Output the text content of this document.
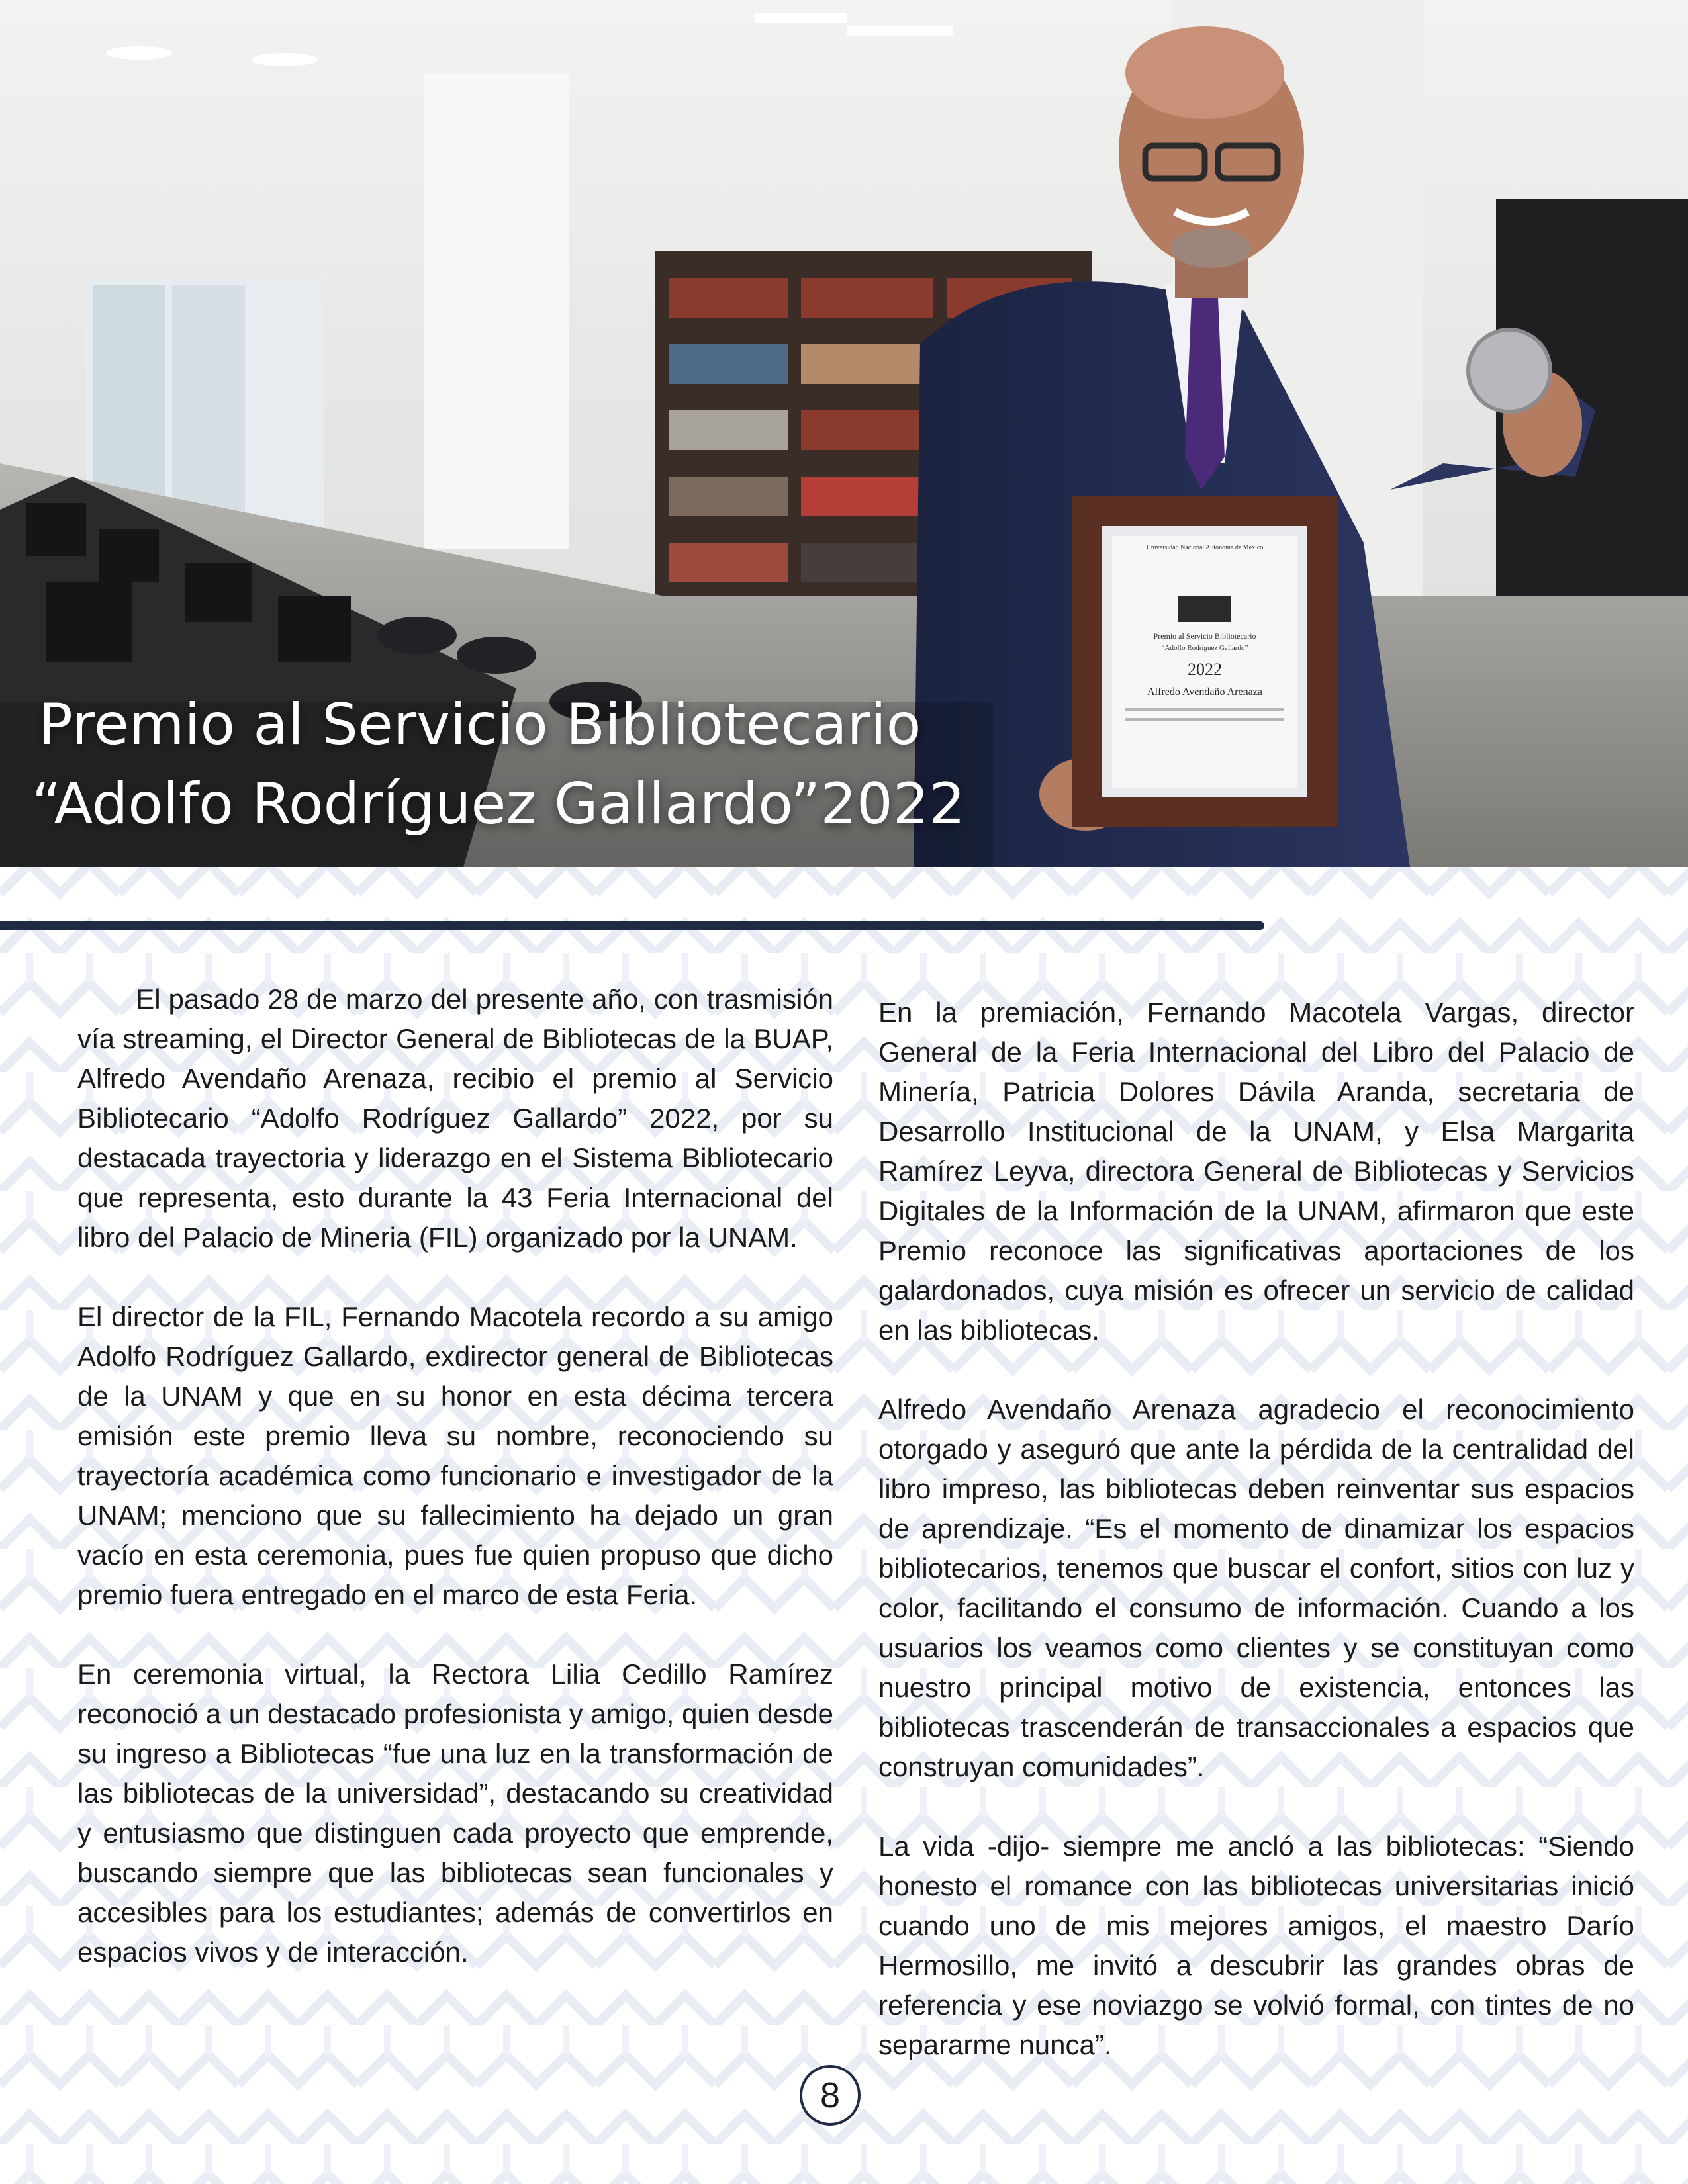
Universidad Nacional Autónoma de México
Premio al Servicio Bibliotecario
“Adolfo Rodríguez Gallardo”
2022
Alfredo Avendaño Arenaza
Premio al Servicio Bibliotecario
“Adolfo Rodríguez Gallardo”2022

El pasado 28 de marzo del presente año, con trasmisión vía streaming, el Director General de Bibliotecas de la BUAP, Alfredo Avendaño Arenaza, recibio el premio al Servicio Bibliotecario “Adolfo Rodríguez Gallardo” 2022, por su destacada trayectoria y liderazgo en el Sistema Bibliotecario que representa, esto durante la 43 Feria Internacional del libro del Palacio de Mineria (FIL) organizado por la UNAM.

El director de la FIL, Fernando Macotela recordo a su amigo Adolfo Rodríguez Gallardo, exdirector general de Bibliotecas de la UNAM y que en su honor en esta décima tercera emisión este premio lleva su nombre, reconociendo su trayectoría académica como funcionario e investigador de la UNAM; menciono que su fallecimiento ha dejado un gran vacío en esta ceremonia, pues fue quien propuso que dicho premio fuera entregado en el marco de esta Feria.

En ceremonia virtual, la Rectora Lilia Cedillo Ramírez reconoció a un destacado profesionista y amigo, quien desde su ingreso a Bibliotecas “fue una luz en la transformación de las bibliotecas de la universidad”, destacando su creatividad y entusiasmo que distinguen cada proyecto que emprende, buscando siempre que las bibliotecas sean funcionales y accesibles para los estudiantes; además de convertirlos en espacios vivos y de interacción.

En la premiación, Fernando Macotela Vargas, director General de la Feria Internacional del Libro del Palacio de Minería, Patricia Dolores Dávila Aranda, secretaria de Desarrollo Institucional de la UNAM, y Elsa Margarita Ramírez Leyva, directora General de Bibliotecas y Servicios Digitales de la Información de la UNAM, afirmaron que este Premio reconoce las significativas aportaciones de los galardonados, cuya misión es ofrecer un servicio de calidad en las bibliotecas.

Alfredo Avendaño Arenaza agradecio el reconocimiento otorgado y aseguró que ante la pérdida de la centralidad del libro impreso, las bibliotecas deben reinventar sus espacios de aprendizaje. “Es el momento de dinamizar los espacios bibliotecarios, tenemos que buscar el confort, sitios con luz y color, facilitando el consumo de información. Cuando a los usuarios los veamos como clientes y se constituyan como nuestro principal motivo de existencia, entonces las bibliotecas trascenderán de transaccionales a espacios que construyan comunidades”.

La vida -dijo- siempre me ancló a las bibliotecas: “Siendo honesto el romance con las bibliotecas universitarias inició cuando uno de mis mejores amigos, el maestro Darío Hermosillo, me invitó a descubrir las grandes obras de referencia y ese noviazgo se volvió formal, con tintes de no separarme nunca”.

8
